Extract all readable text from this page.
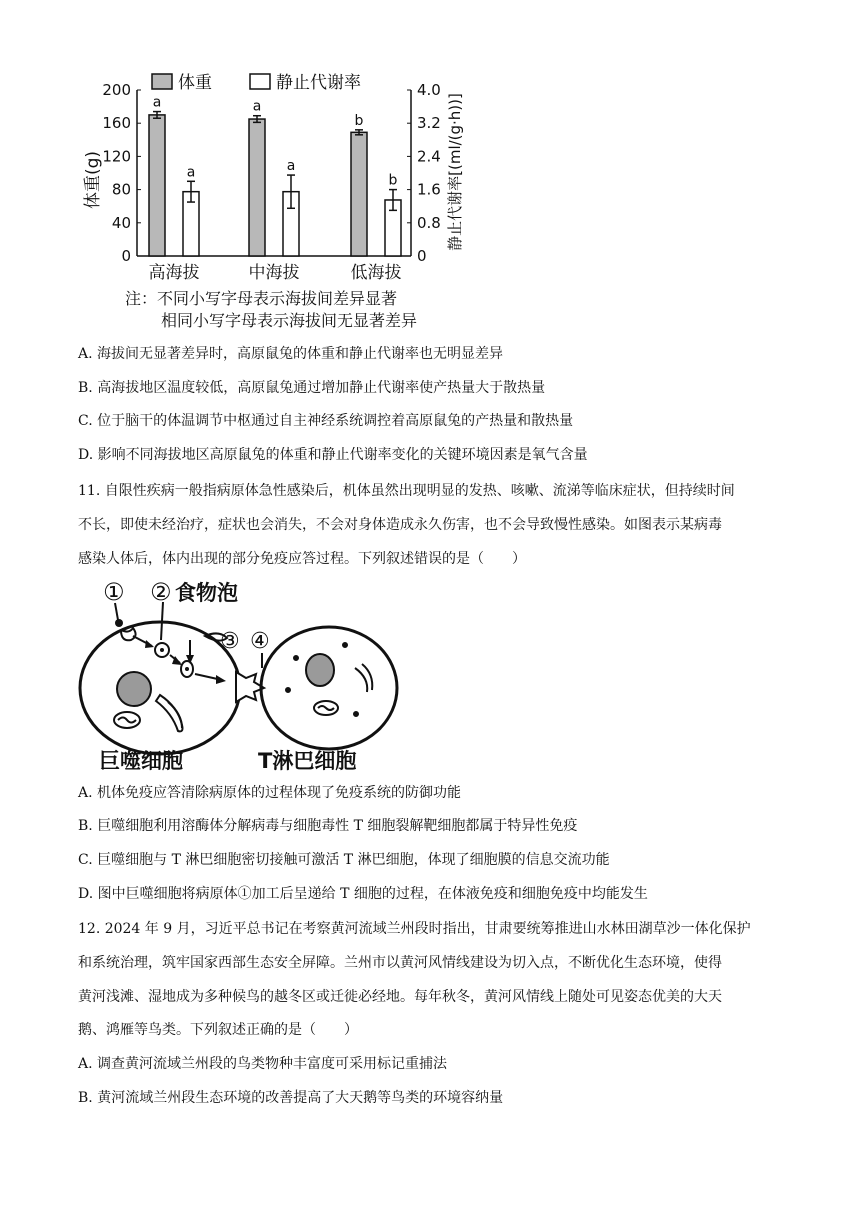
0
40
80
120
160
200
0
0.8
1.6
2.4
3.2
4.0
体重(g)	静止代谢率[(ml/(g·h))]
a
a
高海拔
a
a
中海拔
b
b
低海拔
体重	静止代谢率
注：不同小写字母表示海拔间差异显著
相同小写字母表示海拔间无显著差异
A. 海拔间无显著差异时，高原鼠兔的体重和静止代谢率也无明显差异
B. 高海拔地区温度较低，高原鼠兔通过增加静止代谢率使产热量大于散热量
C. 位于脑干的体温调节中枢通过自主神经系统调控着高原鼠兔的产热量和散热量
D. 影响不同海拔地区高原鼠兔的体重和静止代谢率变化的关键环境因素是氧气含量
11. 自限性疾病一般指病原体急性感染后，机体虽然出现明显的发热、咳嗽、流涕等临床症状，但持续时间
不长，即使未经治疗，症状也会消失，不会对身体造成永久伤害，也不会导致慢性感染。如图表示某病毒
感染人体后，体内出现的部分免疫应答过程。下列叙述错误的是（　　）
① ② 食物泡
③ ④
巨噬细胞	T淋巴细胞
A. 机体免疫应答清除病原体的过程体现了免疫系统的防御功能
B. 巨噬细胞利用溶酶体分解病毒与细胞毒性 T 细胞裂解靶细胞都属于特异性免疫
C. 巨噬细胞与 T 淋巴细胞密切接触可激活 T 淋巴细胞，体现了细胞膜的信息交流功能
D. 图中巨噬细胞将病原体①加工后呈递给 T 细胞的过程，在体液免疫和细胞免疫中均能发生
12. 2024 年 9 月，习近平总书记在考察黄河流域兰州段时指出，甘肃要统筹推进山水林田湖草沙一体化保护
和系统治理，筑牢国家西部生态安全屏障。兰州市以黄河风情线建设为切入点，不断优化生态环境，使得
黄河浅滩、湿地成为多种候鸟的越冬区或迁徙必经地。每年秋冬，黄河风情线上随处可见姿态优美的大天
鹅、鸿雁等鸟类。下列叙述正确的是（　　）
A. 调查黄河流域兰州段的鸟类物种丰富度可采用标记重捕法
B. 黄河流域兰州段生态环境的改善提高了大天鹅等鸟类的环境容纳量
